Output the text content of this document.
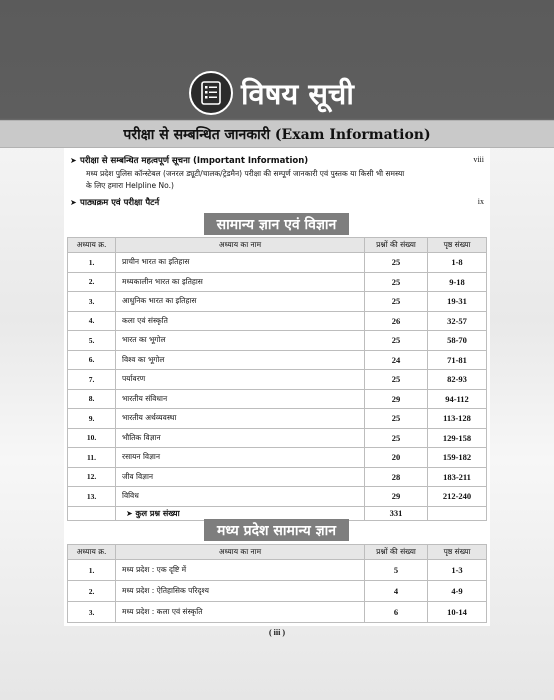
विषय सूची
परीक्षा से सम्बन्धित जानकारी (Exam Information)
➤ परीक्षा से सम्बन्धित महत्वपूर्ण सूचना (Important Information)
मध्य प्रदेश पुलिस कॉन्स्टेबल (जनरल ड्यूटी/चालक/ट्रेडमैन) परीक्षा की सम्पूर्ण जानकारी एवं पुस्तक या किसी भी समस्या
के लिए हमारा Helpline No.)
viii
➤ पाठ्यक्रम एवं परीक्षा पैटर्न	ix
सामान्य ज्ञान एवं विज्ञान
अध्याय क्र.	अध्याय का नाम	प्रश्नों की संख्या	पृष्ठ संख्या
1.	प्राचीन भारत का इतिहास	25	1-8
2.	मध्यकालीन भारत का इतिहास	25	9-18
3.	आधुनिक भारत का इतिहास	25	19-31
4.	कला एवं संस्कृति	26	32-57
5.	भारत का भूगोल	25	58-70
6.	विश्व का भूगोल	24	71-81
7.	पर्यावरण	25	82-93
8.	भारतीय संविधान	29	94-112
9.	भारतीय अर्थव्यवस्था	25	113-128
10.	भौतिक विज्ञान	25	129-158
11.	रसायन विज्ञान	20	159-182
12.	जीव विज्ञान	28	183-211
13.	विविध	29	212-240
	➤ कुल प्रश्न संख्या	331	
मध्य प्रदेश सामान्य ज्ञान
अध्याय क्र.	अध्याय का नाम	प्रश्नों की संख्या	पृष्ठ संख्या
1.	मध्य प्रदेश : एक दृष्टि में	5	1-3
2.	मध्य प्रदेश : ऐतिहासिक परिदृश्य	4	4-9
3.	मध्य प्रदेश : कला एवं संस्कृति	6	10-14
( iii )
